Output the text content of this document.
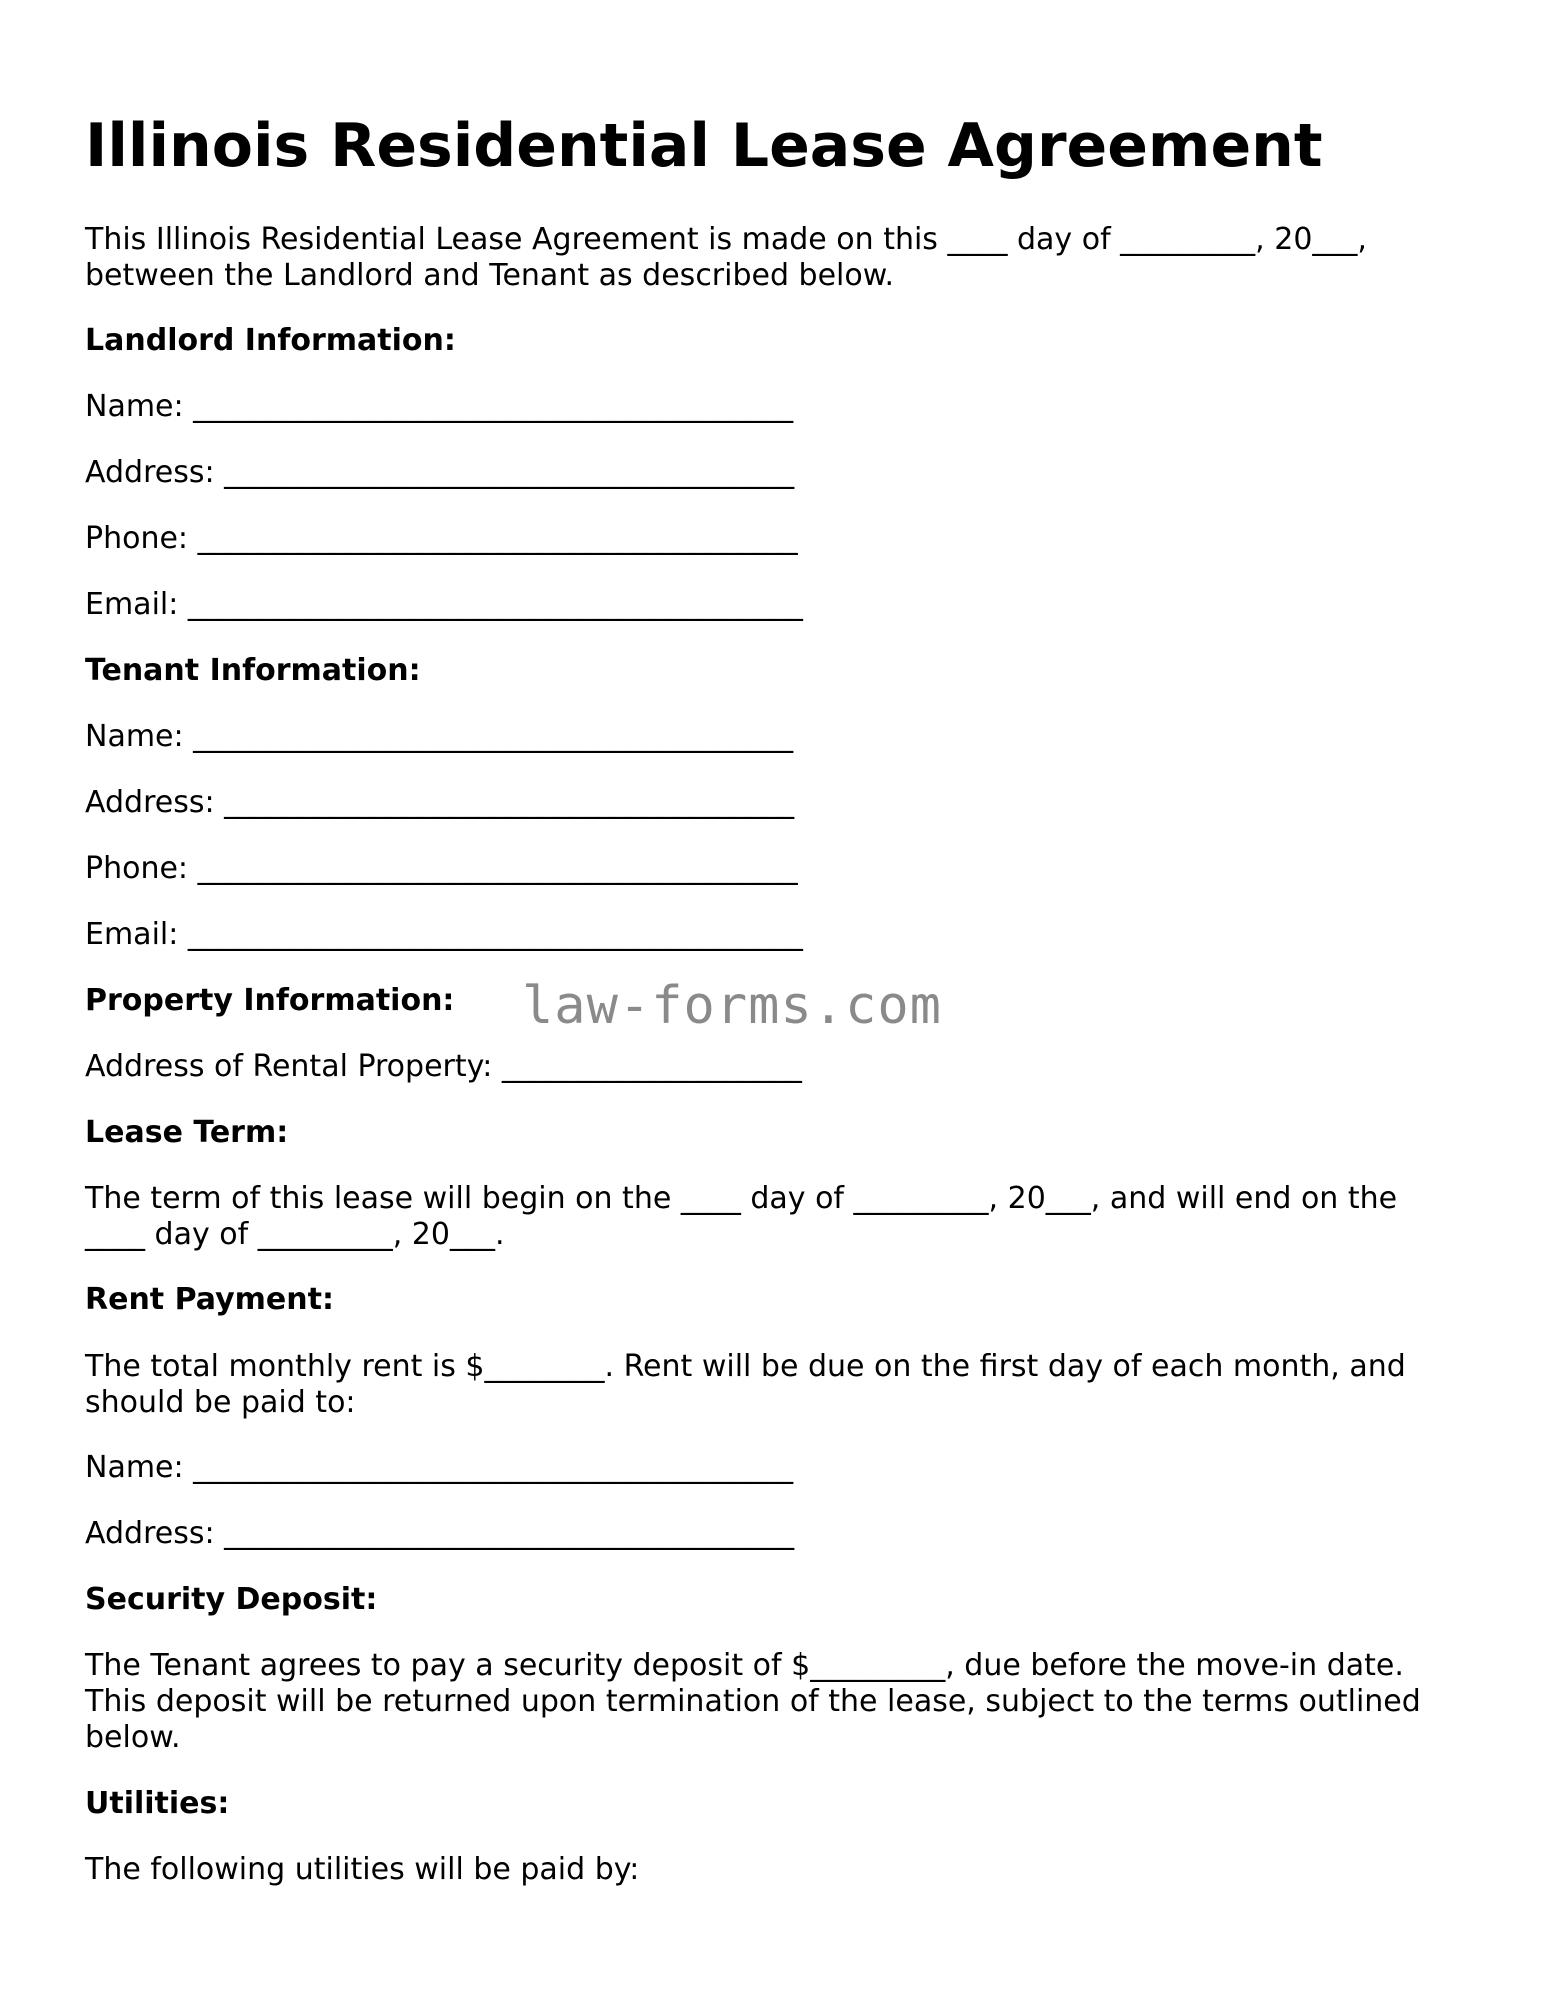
Illinois Residential Lease Agreement

This Illinois Residential Lease Agreement is made on this ____ day of _________, 20___,

between the Landlord and Tenant as described below.

Landlord Information:

Name: ________________________________________

Address: ______________________________________

Phone: ________________________________________

Email: _________________________________________

Tenant Information:

Name: ________________________________________

Address: ______________________________________

Phone: ________________________________________

Email: _________________________________________

Property Information:

Address of Rental Property: ____________________

Lease Term:

The term of this lease will begin on the ____ day of _________, 20___, and will end on the

____ day of _________, 20___.

Rent Payment:

The total monthly rent is $________. Rent will be due on the first day of each month, and

should be paid to:

Name: ________________________________________

Address: ______________________________________

Security Deposit:

The Tenant agrees to pay a security deposit of $_________, due before the move-in date.

This deposit will be returned upon termination of the lease, subject to the terms outlined

below.

Utilities:

The following utilities will be paid by:

law-forms.com
